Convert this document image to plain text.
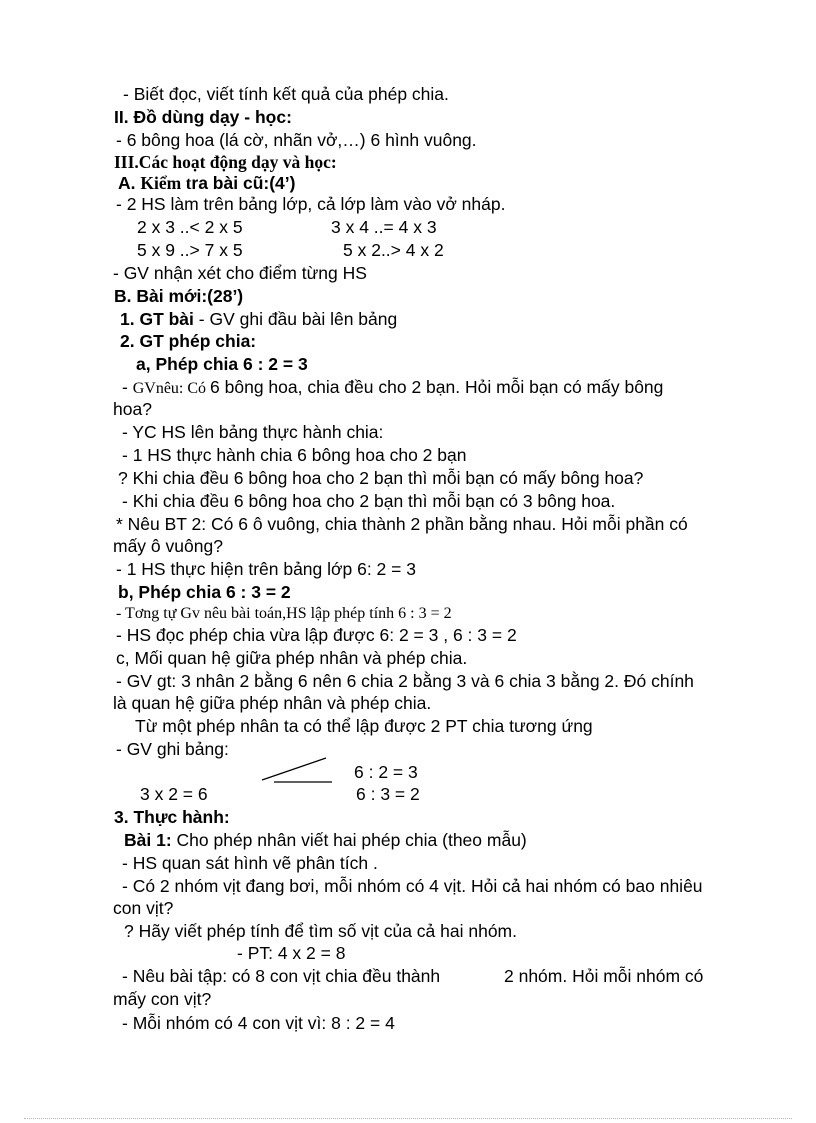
- Biết đọc, viết tính kết quả của phép chia.
II. Đồ dùng dạy - học:
- 6 bông hoa (lá cờ, nhãn vở,…) 6 hình vuông.
III.Các hoạt động dạy và học:
A. Kiểm tra bài cũ:(4’)
- 2 HS làm trên bảng lớp, cả lớp làm vào vở nháp.
2 x 3 ..< 2 x 5	3 x 4 ..= 4 x 3
5 x 9 ..> 7 x 5	5 x 2..> 4 x 2
- GV nhận xét cho điểm từng HS
B. Bài mới:(28’)
1. GT bài - GV ghi đầu bài lên bảng
2. GT phép chia:
a, Phép chia 6 : 2 = 3
- GVnêu: Có 6 bông hoa, chia đều cho 2 bạn. Hỏi mỗi bạn có mấy bông
hoa?
- YC HS lên bảng thực hành chia:
- 1 HS thực hành chia 6 bông hoa cho 2 bạn
? Khi chia đều 6 bông hoa cho 2 bạn thì mỗi bạn có mấy bông hoa?
- Khi chia đều 6 bông hoa cho 2 bạn thì mỗi bạn có 3 bông hoa.
* Nêu BT 2: Có 6 ô vuông, chia thành 2 phần bằng nhau. Hỏi mỗi phần có
mấy ô vuông?
- 1 HS thực hiện trên bảng lớp 6: 2 = 3
b, Phép chia 6 : 3 = 2
- Tơng tự Gv nêu bài toán,HS lập phép tính 6 : 3 = 2
- HS đọc phép chia vừa lập được 6: 2 = 3 , 6 : 3 = 2
c, Mối quan hệ giữa phép nhân và phép chia.
- GV gt: 3 nhân 2 bằng 6 nên 6 chia 2 bằng 3 và 6 chia 3 bằng 2. Đó chính
là quan hệ giữa phép nhân và phép chia.
Từ một phép nhân ta có thể lập được 2 PT chia tương ứng
- GV ghi bảng:
6 : 2 = 3
3 x 2 = 6	6 : 3 = 2
3. Thực hành:
Bài 1: Cho phép nhân viết hai phép chia (theo mẫu)
- HS quan sát hình vẽ phân tích .
- Có 2 nhóm vịt đang bơi, mỗi nhóm có 4 vịt. Hỏi cả hai nhóm có bao nhiêu
con vịt?
? Hãy viết phép tính để tìm số vịt của cả hai nhóm.
- PT: 4 x 2 = 8
- Nêu bài tập: có 8 con vịt chia đều thành	2 nhóm. Hỏi mỗi nhóm có
mấy con vịt?
- Mỗi nhóm có 4 con vịt vì: 8 : 2 = 4
